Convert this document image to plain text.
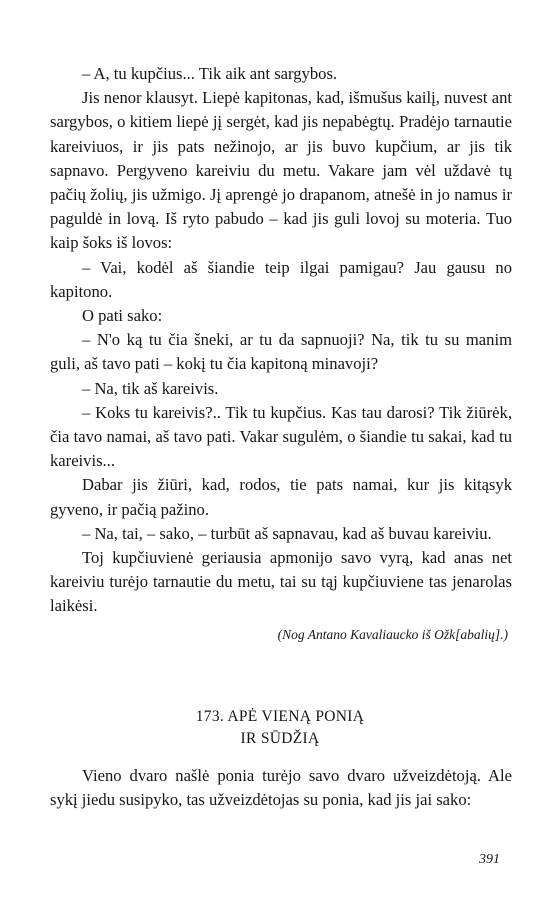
– A, tu kupčius... Tik aik ant sargybos.

Jis nenor klausyt. Liepė kapitonas, kad, išmušus kailį, nuvest ant sargybos, o kitiem liepė jį sergėt, kad jis nepabėgtų. Pradėjo tarnautie kareiviuos, ir jis pats nežinojo, ar jis buvo kupčium, ar jis tik sapnavo. Pergyveno kareiviu du metu. Vakare jam vėl uždavė tų pačių žolių, jis užmigo. Jį aprengė jo drapanom, atnešė in jo namus ir paguldė in lovą. Iš ryto pabudo – kad jis guli lovoj su moteria. Tuo kaip šoks iš lovos:

– Vai, kodėl aš šiandie teip ilgai pamigau? Jau gausu no kapitono.

O pati sako:

– N'o ką tu čia šneki, ar tu da sapnuoji? Na, tik tu su manim guli, aš tavo pati – kokį tu čia kapitoną minavoji?

– Na, tik aš kareivis.

– Koks tu kareivis?.. Tik tu kupčius. Kas tau darosi? Tik žiūrėk, čia tavo namai, aš tavo pati. Vakar sugulėm, o šiandie tu sakai, kad tu kareivis...

Dabar jis žiūri, kad, rodos, tie pats namai, kur jis kitąsyk gyveno, ir pačią pažino.

– Na, tai, – sako, – turbūt aš sapnavau, kad aš buvau kareiviu.

Toj kupčiuvienė geriausia apmonijo savo vyrą, kad anas net kareiviu turėjo tarnautie du metu, tai su tąj kupčiuviene tas jenarolas laikėsi.

(Nog Antano Kavaliaucko iš Ožk[abalių].)
173. APĖ VIENĄ PONIĄ
IR SŪDŽIĄ

Vieno dvaro našlė ponia turėjo savo dvaro užveizdėtoją. Ale sykį jiedu susipyko, tas užveizdėtojas su ponia, kad jis jai sako:

391
